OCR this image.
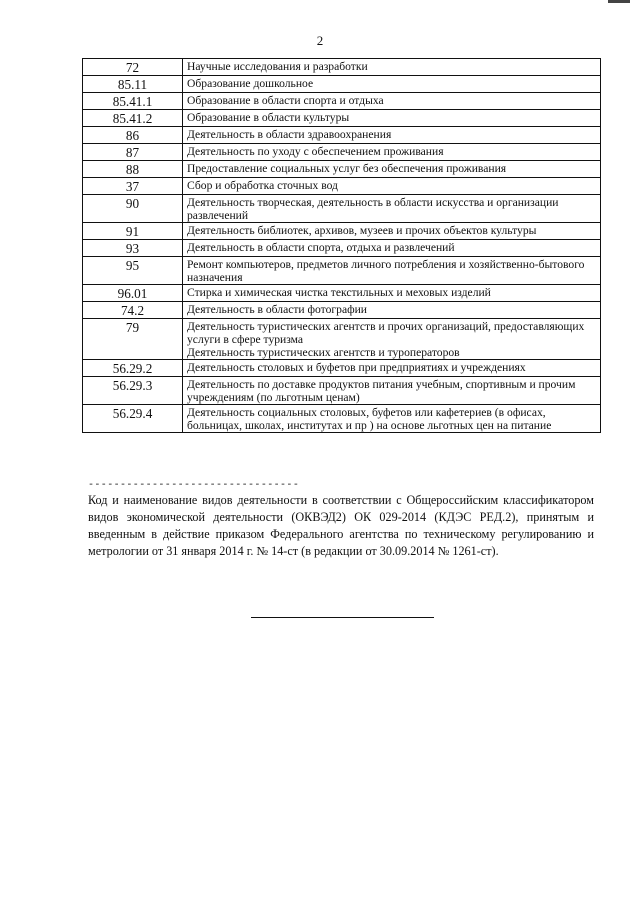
2
72	Научные исследования и разработки
85.11	Образование дошкольное
85.41.1	Образование в области спорта и отдыха
85.41.2	Образование в области культуры
86	Деятельность в области здравоохранения
87	Деятельность по уходу с обеспечением проживания
88	Предоставление социальных услуг без обеспечения проживания
37	Сбор и обработка сточных вод
90	Деятельность творческая, деятельность в области искусства и организации развлечений
91	Деятельность библиотек, архивов, музеев и прочих объектов культуры
93	Деятельность в области спорта, отдыха и развлечений
95	Ремонт компьютеров, предметов личного потребления и хозяйственно-бытового назначения
96.01	Стирка и химическая чистка текстильных и меховых изделий
74.2	Деятельность в области фотографии
79	Деятельность туристических агентств и прочих организаций, предоставляющих услуги в сфере туризма
Деятельность туристических агентств и туроператоров

56.29.2	Деятельность столовых и буфетов при предприятиях и учреждениях
56.29.3	Деятельность по доставке продуктов питания учебным, спортивным и прочим учреждениям (по льготным ценам)
56.29.4	Деятельность социальных столовых, буфетов или кафетериев (в офисах, больницах, школах, институтах и пр ) на основе льготных цен на питание
---------------------------------

Код и наименование видов деятельности в соответствии с Общероссийским классификатором видов экономической деятельности (ОКВЭД2) ОК 029-2014 (КДЭС РЕД.2), принятым и введенным в действие приказом Федерального агентства по техническому регулированию и метрологии от 31 января 2014 г. № 14-ст (в редакции от 30.09.2014 № 1261-ст).
